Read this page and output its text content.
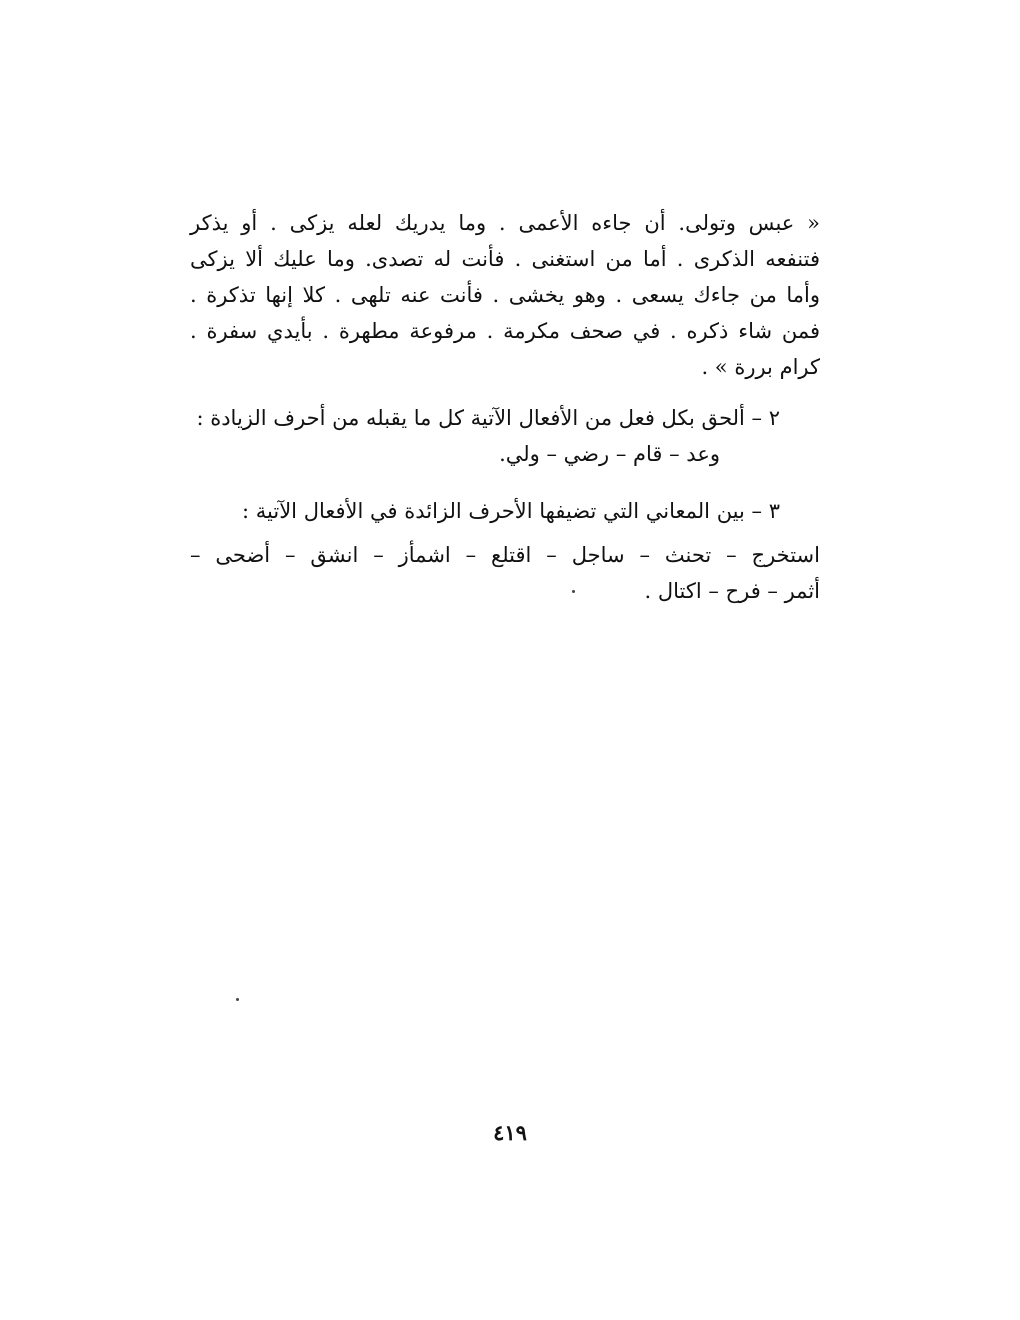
« عبس وتولى. أن جاءه الأعمى . وما يدريك لعله يزكى . أو يذكر
فتنفعه الذكرى . أما من استغنى . فأنت له تصدى. وما عليك ألا يزكى
وأما من جاءك يسعى . وهو يخشى . فأنت عنه تلهى . كلا إنها تذكرة .
فمن شاء ذكره . في صحف مكرمة . مرفوعة مطهرة . بأيدي سفرة .
كرام بررة » .
٢ – ألحق بكل فعل من الأفعال الآتية كل ما يقبله من أحرف الزيادة :
وعد – قام – رضي – ولي.
٣ – بين المعاني التي تضيفها الأحرف الزائدة في الأفعال الآتية :
استخرج – تحنث – ساجل – اقتلع – اشمأز – انشق – أضحى –
أثمر – فرح – اكتال .
٤١٩
